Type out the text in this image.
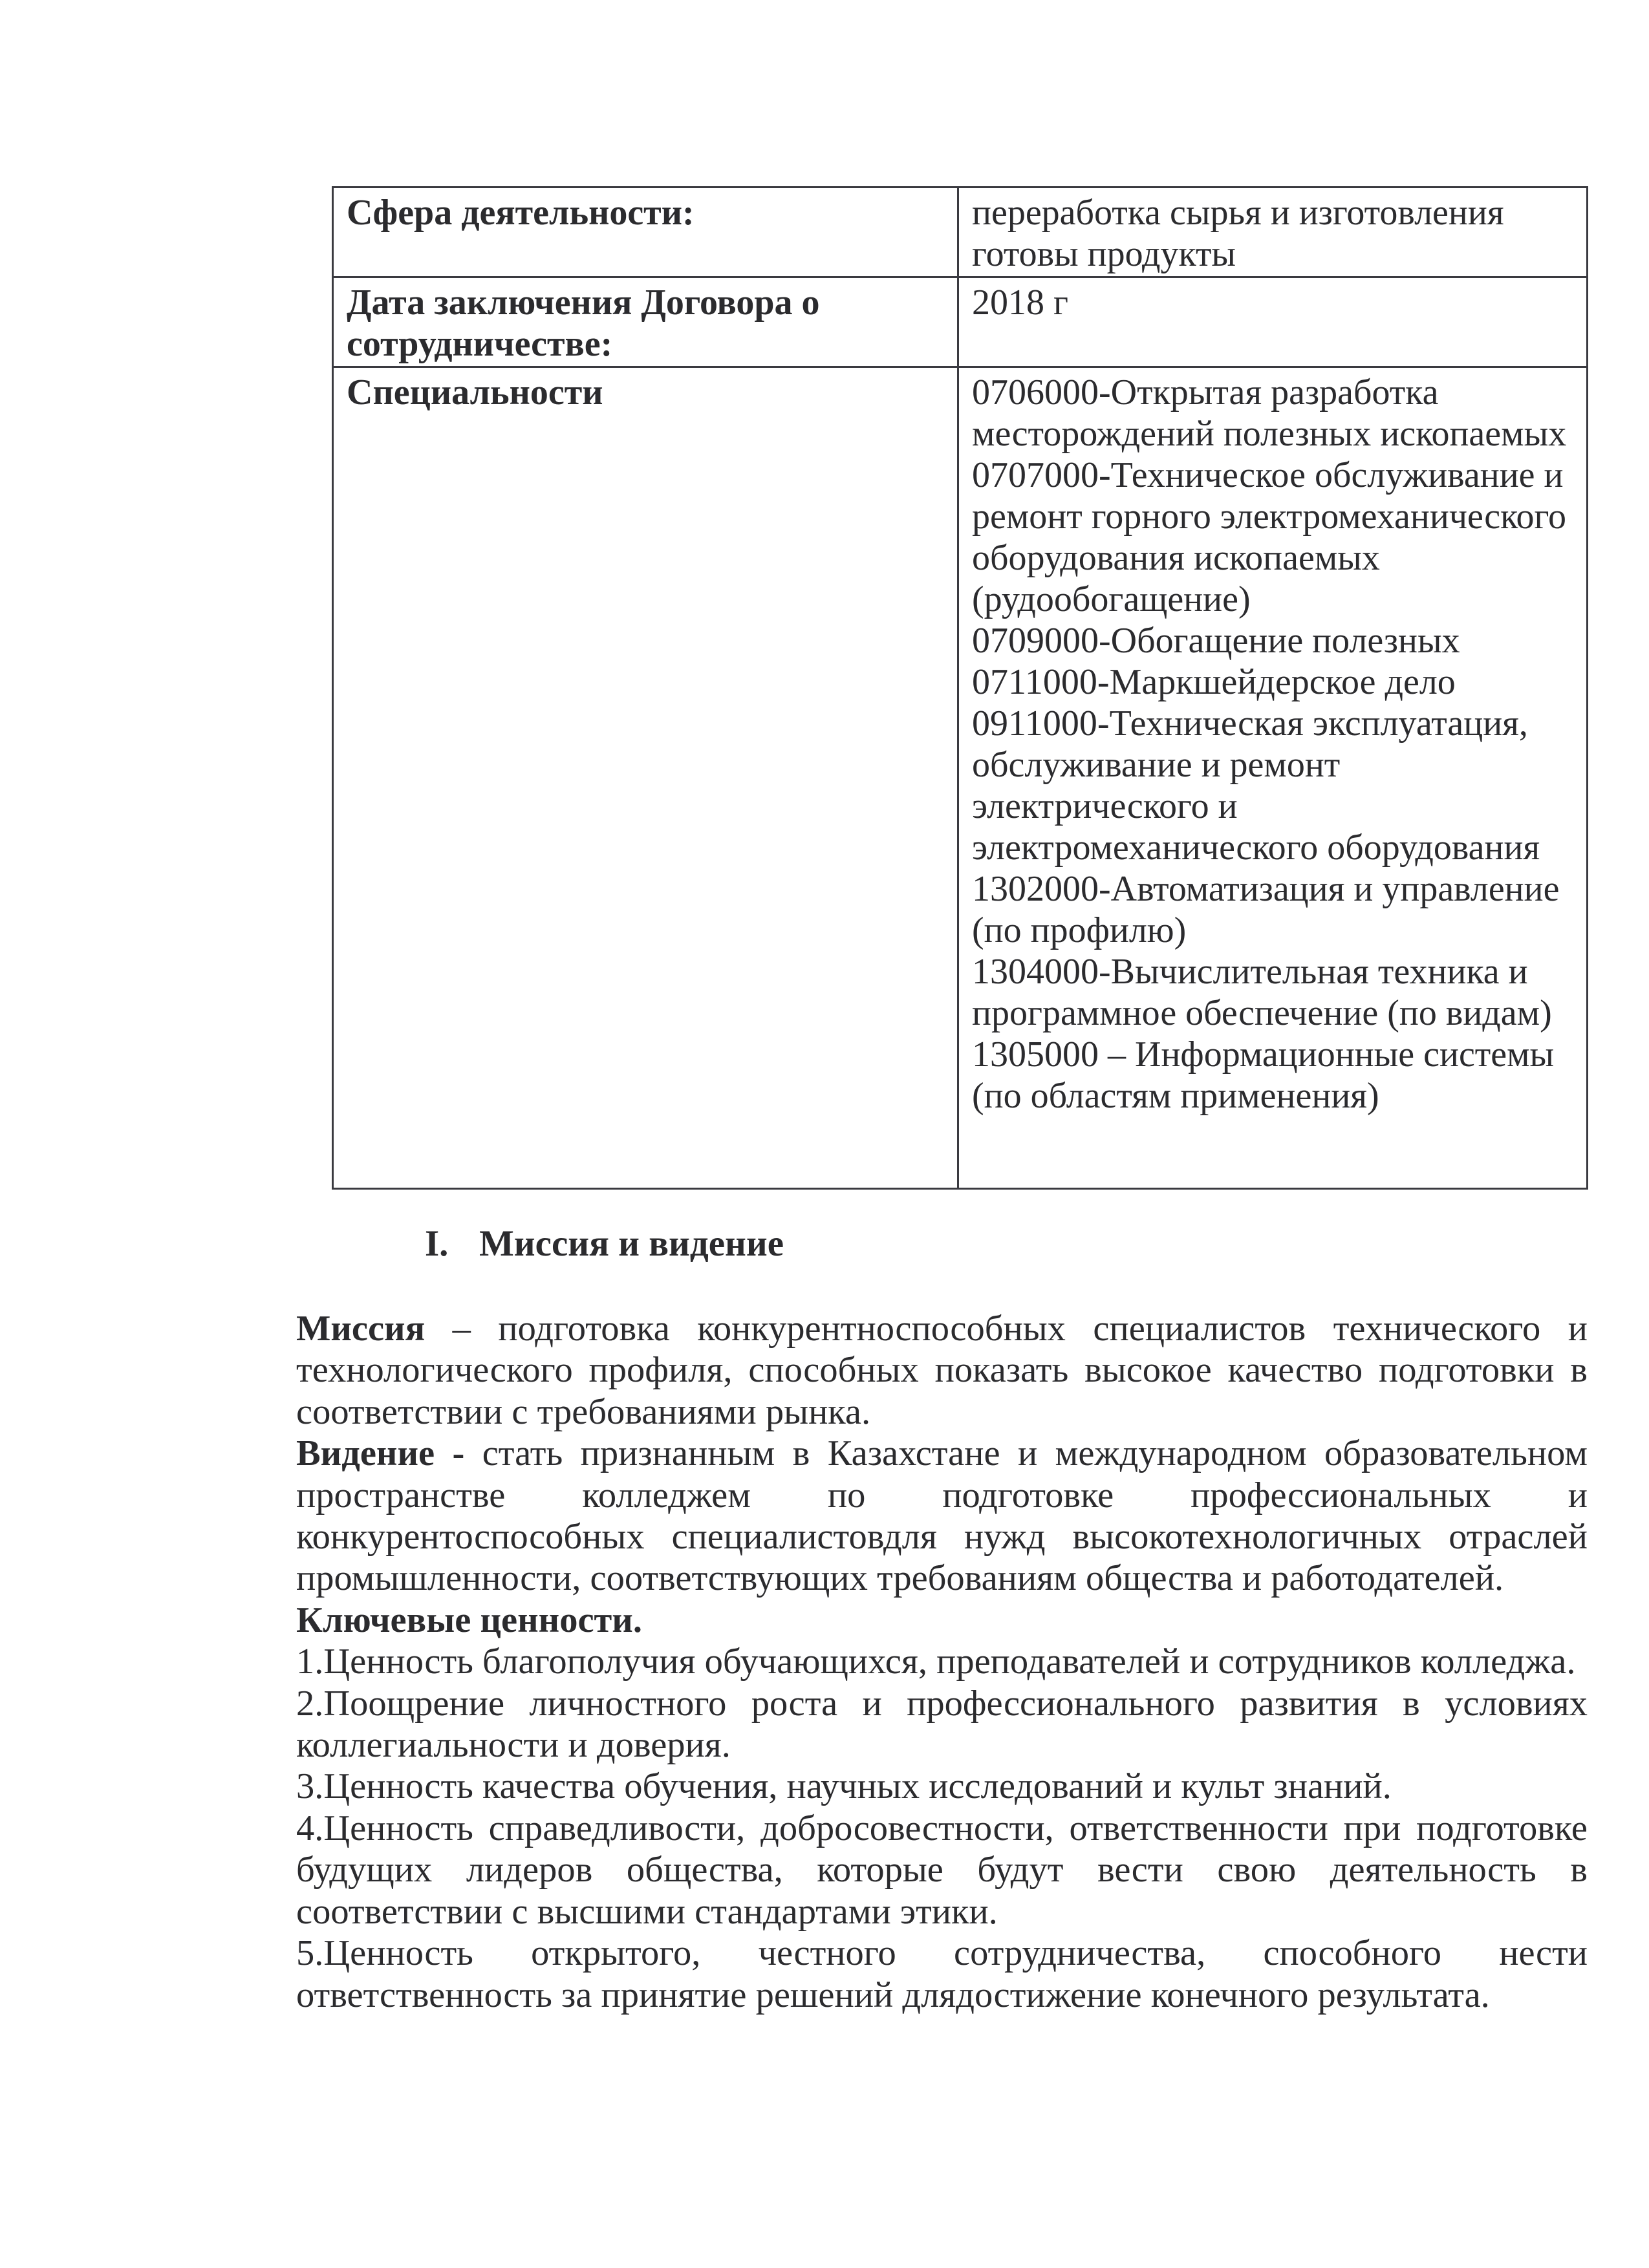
Сфера деятельности:	переработка сырья и изготовления готовы продукты

Дата заключения Договора о сотрудничестве:	2018 г

Специальности	0706000-Открытая разработка месторождений полезных ископаемых
0707000-Техническое обслуживание и ремонт горного электромеханического оборудования ископаемых (рудообогащение)
0709000-Обогащение полезных
0711000-Маркшейдерское дело
0911000-Техническая эксплуатация, обслуживание и ремонт электрического и электромеханического оборудования
1302000-Автоматизация и управление (по профилю)
1304000-Вычислительная техника и программное обеспечение (по видам)
1305000 – Информационные системы (по областям применения)
I. Миссия и видение

Миссия – подготовка конкурентноспособных специалистов технического и технологического профиля, способных показать высокое качество подготовки в соответствии с требованиями рынка.

Видение - стать признанным в Казахстане и международном образовательном пространстве колледжем по подготовке профессиональных и конкурентоспособных специалистовдля нужд высокотехнологичных отраслей промышленности, соответствующих требованиям общества и работодателей.

Ключевые ценности.

1.Ценность благополучия обучающихся, преподавателей и сотрудников колледжа.

2.Поощрение личностного роста и профессионального развития в условиях коллегиальности и доверия.

3.Ценность качества обучения, научных исследований и культ знаний.

4.Ценность справедливости, добросовестности, ответственности при подготовке будущих лидеров общества, которые будут вести свою деятельность в соответствии с высшими стандартами этики.

5.Ценность открытого, честного сотрудничества, способного нести ответственность за принятие решений длядостижение конечного результата.
